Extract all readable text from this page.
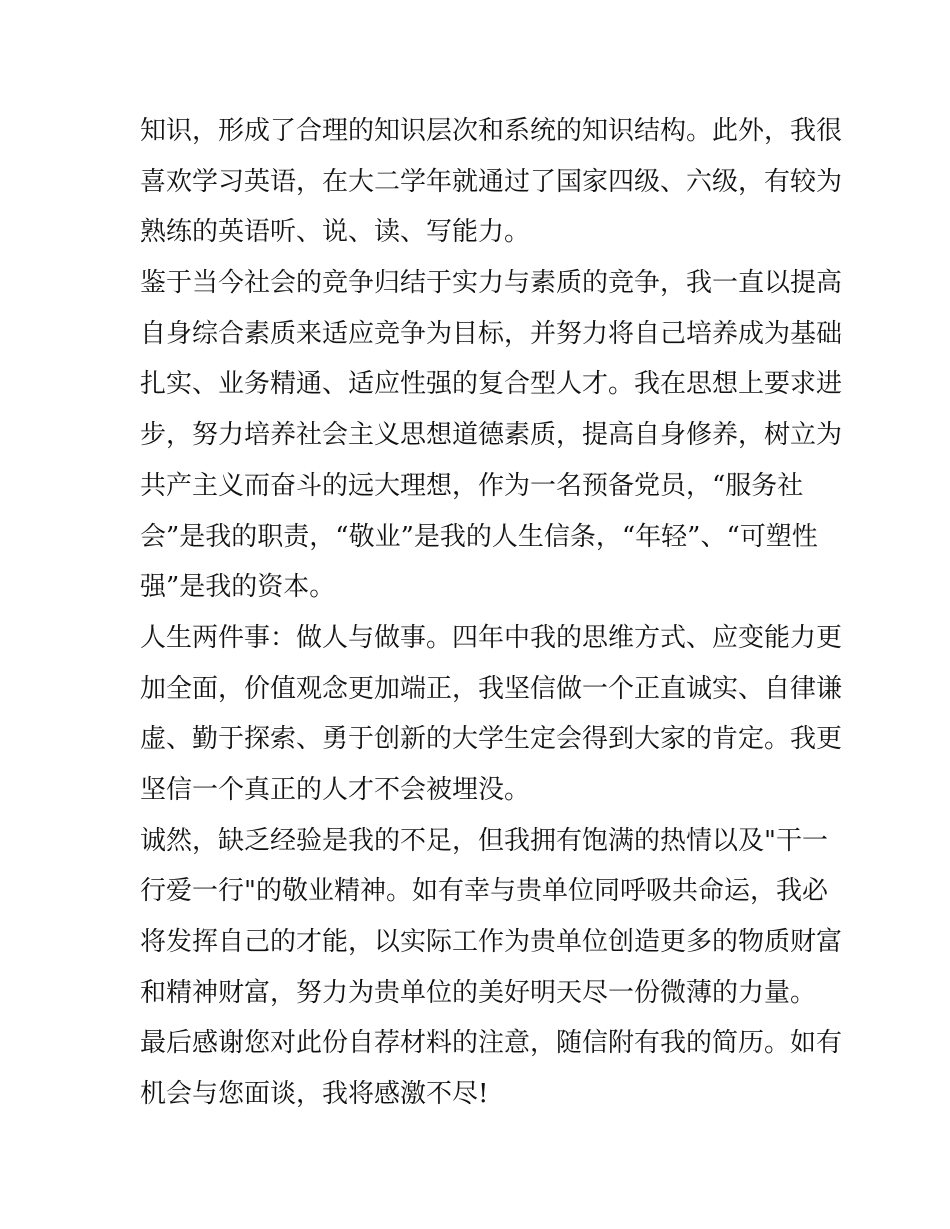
知识，形成了合理的知识层次和系统的知识结构。此外，我很
喜欢学习英语，在大二学年就通过了国家四级、六级，有较为
熟练的英语听、说、读、写能力。
鉴于当今社会的竞争归结于实力与素质的竞争，我一直以提高
自身综合素质来适应竞争为目标，并努力将自己培养成为基础
扎实、业务精通、适应性强的复合型人才。我在思想上要求进
步，努力培养社会主义思想道德素质，提高自身修养，树立为
共产主义而奋斗的远大理想，作为一名预备党员，“服务社
会”是我的职责，“敬业”是我的人生信条，“年轻”、“可塑性
强”是我的资本。
人生两件事：做人与做事。四年中我的思维方式、应变能力更
加全面，价值观念更加端正，我坚信做一个正直诚实、自律谦
虚、勤于探索、勇于创新的大学生定会得到大家的肯定。我更
坚信一个真正的人才不会被埋没。
诚然，缺乏经验是我的不足，但我拥有饱满的热情以及"干一
行爱一行"的敬业精神。如有幸与贵单位同呼吸共命运，我必
将发挥自己的才能，以实际工作为贵单位创造更多的物质财富
和精神财富，努力为贵单位的美好明天尽一份微薄的力量。
最后感谢您对此份自荐材料的注意，随信附有我的简历。如有
机会与您面谈，我将感激不尽!
